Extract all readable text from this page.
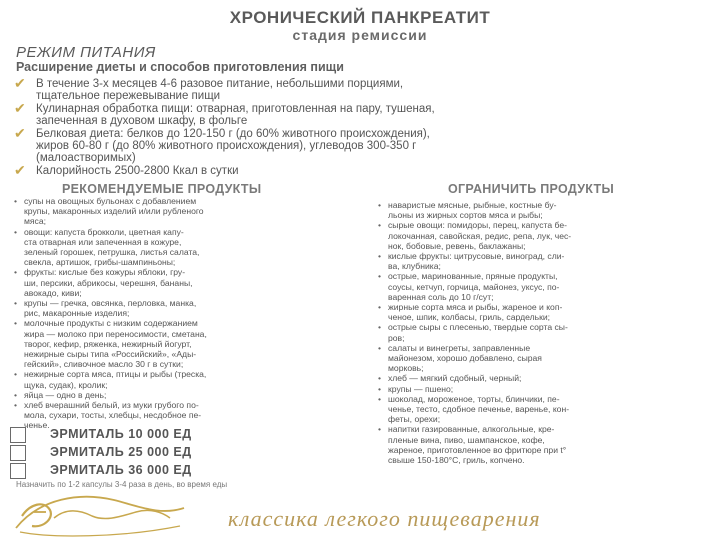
ХРОНИЧЕСКИЙ ПАНКРЕАТИТ
стадия ремиссии
РЕЖИМ ПИТАНИЯ
Расширение диеты и способов приготовления пищи
✔ В течение 3-х месяцев 4-6 разовое питание, небольшими порциями,
тщательное пережевывание пищи
✔ Кулинарная обработка пищи: отварная, приготовленная на пару, тушеная,
запеченная в духовом шкафу, в фольге
✔ Белковая диета: белков до 120-150 г (до 60% животного происхождения),
жиров 60-80 г (до 80% животного происхождения), углеводов 300-350 г
(малоастворимых)
✔ Калорийность 2500-2800 Ккал в сутки
РЕКОМЕНДУЕМЫЕ ПРОДУКТЫ	ОГРАНИЧИТЬ ПРОДУКТЫ
• супы на овощных бульонах с добавлением
крупы, макаронных изделий и/или рубленого
мяса;
• овощи: капуста брокколи, цветная капу-
ста отварная или запеченная в кожуре,
зеленый горошек, петрушка, листья салата,
свекла, артишок, грибы-шампиньоны;
• фрукты: кислые без кожуры яблоки, гру-
ши, персики, абрикосы, черешня, бананы,
авокадо, киви;
• крупы — гречка, овсянка, перловка, манка,
рис, макаронные изделия;
• молочные продукты с низким содержанием
жира — молоко при переносимости, сметана,
творог, кефир, ряженка, нежирный йогурт,
нежирные сыры типа «Российский», «Ады-
гейский», сливочное масло 30 г в сутки;
• нежирные сорта мяса, птицы и рыбы (треска,
щука, судак), кролик;
• яйца — одно в день;
• хлеб вчерашний белый, из муки грубого по-
мола, сухари, тосты, хлебцы, несдобное пе-
ченье.
• наваристые мясные, рыбные, костные бу-
льоны из жирных сортов мяса и рыбы;
• сырые овощи: помидоры, перец, капуста бе-
локочанная, савойская, редис, репа, лук, чес-
нок, бобовые, ревень, баклажаны;
• кислые фрукты: цитрусовые, виноград, сли-
ва, клубника;
• острые, маринованные, пряные продукты,
соусы, кетчуп, горчица, майонез, уксус, по-
варенная соль до 10 г/сут;
• жирные сорта мяса и рыбы, жареное и коп-
ченое, шпик, колбасы, гриль, сардельки;
• острые сыры с плесенью, твердые сорта сы-
ров;
• салаты и винегреты, заправленные
майонезом, хорошо добавлено, сырая
морковь;
• хлеб — мягкий сдобный, черный;
• крупы — пшено;
• шоколад, мороженое, торты, блинчики, пе-
ченье, тесто, сдобное печенье, варенье, кон-
феты, орехи;
• напитки газированные, алкогольные, кре-
пленые вина, пиво, шампанское, кофе,
жареное, приготовленное во фритюре при t°
свыше 150-180°С, гриль, копчено.
ЭРМИТАЛЬ 10 000 ЕД
ЭРМИТАЛЬ 25 000 ЕД
ЭРМИТАЛЬ 36 000 ЕД
Назначить по 1-2 капсулы 3-4 раза в день, во время еды
классика легкого пищеварения
